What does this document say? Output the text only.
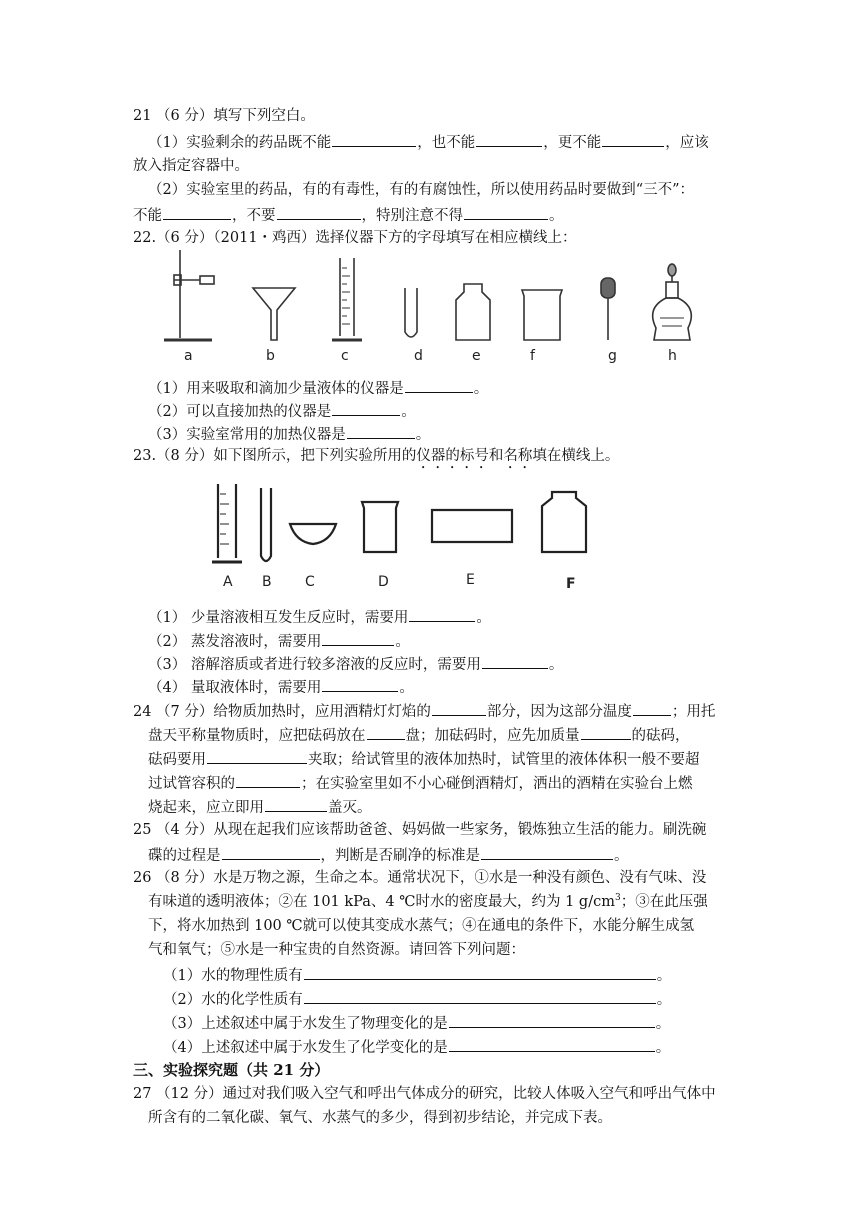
21 （6 分）填写下列空白。
（1）实验剩余的药品既不能	，也不能	，更不能	，应该
放入指定容器中。
（2）实验室里的药品，有的有毒性，有的有腐蚀性，所以使用药品时要做到“三不”：
不能	，不要	，特别注意不得	。
22.（6 分）（2011・鸡西）选择仪器下方的字母填写在相应横线上：
a	b	c	d	e	f	g	h
（1）用来吸取和滴加少量液体的仪器是	。
（2）可以直接加热的仪器是	。
（3）实验室常用的加热仪器是	。
23.（8 分）如下图所示，把下列实验所用的仪器的标号和名称填在横线上。
A B C	D	E	F
（1） 少量溶液相互发生反应时，需要用	。
（2） 蒸发溶液时，需要用	。
（3） 溶解溶质或者进行较多溶液的反应时，需要用	。
（4） 量取液体时，需要用	。
24 （7 分）给物质加热时，应用酒精灯灯焰的	部分，因为这部分温度	；用托
盘天平称量物质时，应把砝码放在	盘；加砝码时，应先加质量	的砝码，
砝码要用	夹取；给试管里的液体加热时，试管里的液体体积一般不要超
过试管容积的	；在实验室里如不小心碰倒酒精灯，洒出的酒精在实验台上燃
烧起来，应立即用	盖灭。
25 （4 分）从现在起我们应该帮助爸爸、妈妈做一些家务，锻炼独立生活的能力。刷洗碗
碟的过程是	，判断是否刷净的标准是	。
26 （8 分）水是万物之源，生命之本。通常状况下，①水是一种没有颜色、没有气味、没
有味道的透明液体；②在 101 kPa、4 ℃时水的密度最大，约为 1 $g/cm^3$；③在此压强
下，将水加热到 100 ℃就可以使其变成水蒸气；④在通电的条件下，水能分解生成氢
气和氧气；⑤水是一种宝贵的自然资源。请回答下列问题：
（1）水的物理性质有	。
（2）水的化学性质有	。
（3）上述叙述中属于水发生了物理变化的是	。
（4）上述叙述中属于水发生了化学变化的是	。
三、实验探究题（共 21 分）
27 （12 分）通过对我们吸入空气和呼出气体成分的研究，比较人体吸入空气和呼出气体中
所含有的二氧化碳、氧气、水蒸气的多少，得到初步结论，并完成下表。
